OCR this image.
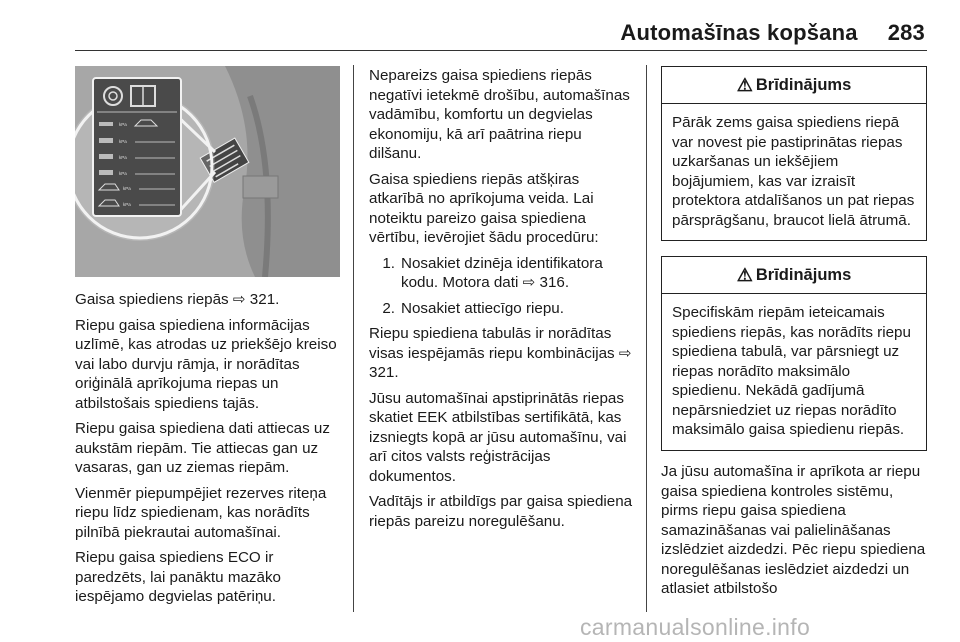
Automašīnas kopšana 283
kPa
kPa
kPa
kPa
kPa
kPa

Gaisa spiediens riepās ⇨ 321.

Riepu gaisa spiediena informācijas uzlīmē, kas atrodas uz priekšējo kreiso vai labo durvju rāmja, ir norādītas oriģinālā aprīkojuma riepas un atbilstošais spiediens tajās.

Riepu gaisa spiediena dati attiecas uz aukstām riepām. Tie attiecas gan uz vasaras, gan uz ziemas riepām.

Vienmēr piepumpējiet rezerves riteņa riepu līdz spiedienam, kas norādīts pilnībā piekrautai automašīnai.

Riepu gaisa spiediens ECO ir paredzēts, lai panāktu mazāko iespējamo degvielas patēriņu.

Nepareizs gaisa spiediens riepās negatīvi ietekmē drošību, automašīnas vadāmību, komfortu un degvielas ekonomiju, kā arī paātrina riepu dilšanu.

Gaisa spiediens riepās atšķiras atkarībā no aprīkojuma veida. Lai noteiktu pareizo gaisa spiediena vērtību, ievērojiet šādu procedūru:

1. Nosakiet dzinēja identifikatora kodu. Motora dati ⇨ 316.
2. Nosakiet attiecīgo riepu.

Riepu spiediena tabulās ir norādītas visas iespējamās riepu kombinācijas ⇨ 321.

Jūsu automašīnai apstiprinātās riepas skatiet EEK atbilstības sertifikātā, kas izsniegts kopā ar jūsu automašīnu, vai arī citos valsts reģistrācijas dokumentos.

Vadītājs ir atbildīgs par gaisa spiediena riepās pareizu noregulēšanu.

⚠ Brīdinājums
Pārāk zems gaisa spiediens riepā var novest pie pastiprinātas riepas uzkaršanas un iekšējiem bojājumiem, kas var izraisīt protektora atdalīšanos un pat riepas pārsprāgšanu, braucot lielā ātrumā.
⚠ Brīdinājums
Specifiskām riepām ieteicamais spiediens riepās, kas norādīts riepu spiediena tabulā, var pārsniegt uz riepas norādīto maksimālo spiedienu. Nekādā gadījumā nepārsniedziet uz riepas norādīto maksimālo gaisa spiedienu riepās.

Ja jūsu automašīna ir aprīkota ar riepu gaisa spiediena kontroles sistēmu, pirms riepu gaisa spiediena samazināšanas vai palielināšanas izslēdziet aizdedzi. Pēc riepu spiediena noregulēšanas ieslēdziet aizdedzi un atlasiet atbilstošo

carmanualsonline.info
